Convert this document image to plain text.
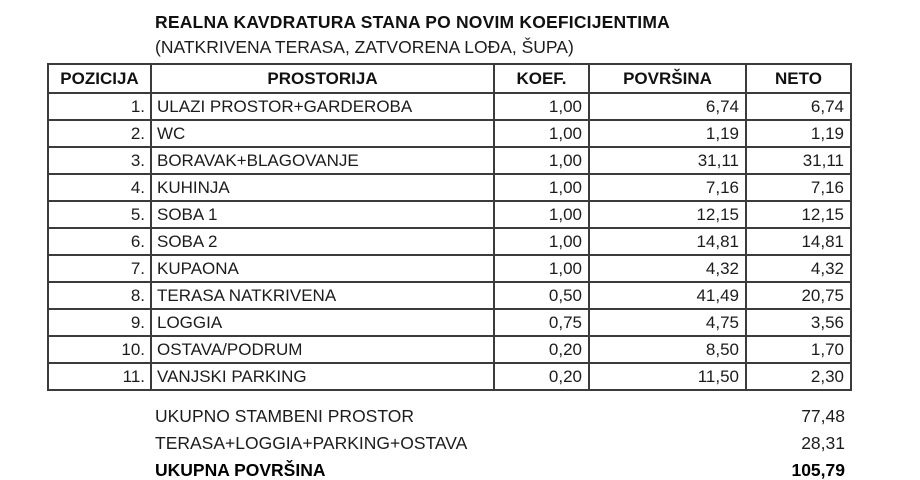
REALNA KAVDRATURA STANA PO NOVIM KOEFICIJENTIMA
(NATKRIVENA TERASA, ZATVORENA LOĐA, ŠUPA)
POZICIJA	PROSTORIJA	KOEF.	POVRŠINA	NETO
1.	ULAZI PROSTOR+GARDEROBA	1,00	6,74	6,74
2.	WC	1,00	1,19	1,19
3.	BORAVAK+BLAGOVANJE	1,00	31,11	31,11
4.	KUHINJA	1,00	7,16	7,16
5.	SOBA 1	1,00	12,15	12,15
6.	SOBA 2	1,00	14,81	14,81
7.	KUPAONA	1,00	4,32	4,32
8.	TERASA NATKRIVENA	0,50	41,49	20,75
9.	LOGGIA	0,75	4,75	3,56
10.	OSTAVA/PODRUM	0,20	8,50	1,70
11.	VANJSKI PARKING	0,20	11,50	2,30
UKUPNO STAMBENI PROSTOR	77,48
TERASA+LOGGIA+PARKING+OSTAVA	28,31
UKUPNA POVRŠINA	105,79
